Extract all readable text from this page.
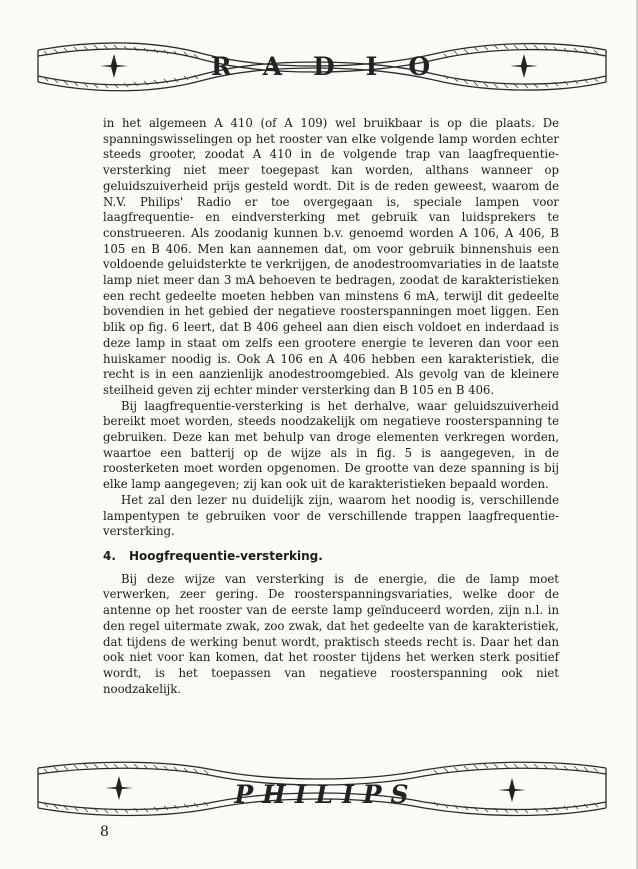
RADIO

in het algemeen A 410 (of A 109) wel bruikbaar is op die plaats. De spanningswisselingen op het rooster van elke volgende lamp worden echter steeds grooter, zoodat A 410 in de volgende trap van laagfrequentie-versterking niet meer toegepast kan worden, althans wanneer op geluidszuiverheid prijs gesteld wordt. Dit is de reden geweest, waarom de N.V. Philips' Radio er toe overgegaan is, speciale lampen voor laagfrequentie- en eindversterking met gebruik van luidsprekers te construeeren. Als zoodanig kunnen b.v. genoemd worden A 106, A 406, B 105 en B 406. Men kan aannemen dat, om voor gebruik binnenshuis een voldoende geluidsterkte te verkrijgen, de anodestroomvariaties in de laatste lamp niet meer dan 3 mA behoeven te bedragen, zoodat de karakteristieken een recht gedeelte moeten hebben van minstens 6 mA, terwijl dit gedeelte bovendien in het gebied der negatieve roosterspanningen moet liggen. Een blik op fig. 6 leert, dat B 406 geheel aan dien eisch voldoet en inderdaad is deze lamp in staat om zelfs een grootere energie te leveren dan voor een huiskamer noodig is. Ook A 106 en A 406 hebben een karakteristiek, die recht is in een aanzienlijk anodestroomgebied. Als gevolg van de kleinere steilheid geven zij echter minder versterking dan B 105 en B 406.

Bij laagfrequentie-versterking is het derhalve, waar geluidszuiverheid bereikt moet worden, steeds noodzakelijk om negatieve roosterspanning te gebruiken. Deze kan met behulp van droge elementen verkregen worden, waartoe een batterij op de wijze als in fig. 5 is aangegeven, in de roosterketen moet worden opgenomen. De grootte van deze spanning is bij elke lamp aangegeven; zij kan ook uit de karakteristieken bepaald worden.

Het zal den lezer nu duidelijk zijn, waarom het noodig is, verschillende lampentypen te gebruiken voor de verschillende trappen laagfrequentie-versterking.

4. Hoogfrequentie-versterking.

Bij deze wijze van versterking is de energie, die de lamp moet verwerken, zeer gering. De roosterspanningsvariaties, welke door de antenne op het rooster van de eerste lamp geïnduceerd worden, zijn n.l. in den regel uitermate zwak, zoo zwak, dat het gedeelte van de karakteristiek, dat tijdens de werking benut wordt, praktisch steeds recht is. Daar het dan ook niet voor kan komen, dat het rooster tijdens het werken sterk positief wordt, is het toepassen van negatieve roosterspanning ook niet noodzakelijk.

PHILIPS
8
